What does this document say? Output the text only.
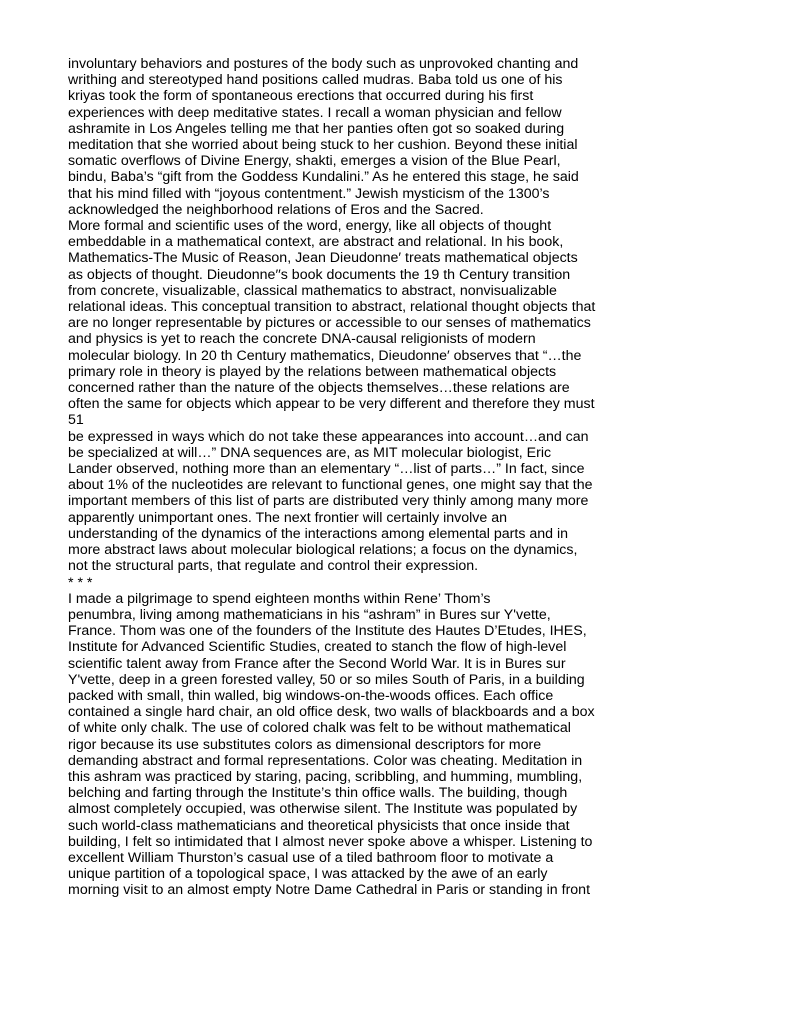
involuntary behaviors and postures of the body such as unprovoked chanting and
writhing and stereotyped hand positions called mudras. Baba told us one of his
kriyas took the form of spontaneous erections that occurred during his first
experiences with deep meditative states. I recall a woman physician and fellow
ashramite in Los Angeles telling me that her panties often got so soaked during
meditation that she worried about being stuck to her cushion. Beyond these initial
somatic overflows of Divine Energy, shakti, emerges a vision of the Blue Pearl,
bindu, Baba’s “gift from the Goddess Kundalini.” As he entered this stage, he said
that his mind filled with “joyous contentment.” Jewish mysticism of the 1300’s
acknowledged the neighborhood relations of Eros and the Sacred.
More formal and scientific uses of the word, energy, like all objects of thought
embeddable in a mathematical context, are abstract and relational. In his book,
Mathematics-The Music of Reason, Jean Dieudonne′ treats mathematical objects
as objects of thought. Dieudonne′′s book documents the 19 th Century transition
from concrete, visualizable, classical mathematics to abstract, nonvisualizable
relational ideas. This conceptual transition to abstract, relational thought objects that
are no longer representable by pictures or accessible to our senses of mathematics
and physics is yet to reach the concrete DNA-causal religionists of modern
molecular biology. In 20 th Century mathematics, Dieudonne′ observes that “…the
primary role in theory is played by the relations between mathematical objects
concerned rather than the nature of the objects themselves…these relations are
often the same for objects which appear to be very different and therefore they must
51
be expressed in ways which do not take these appearances into account…and can
be specialized at will…” DNA sequences are, as MIT molecular biologist, Eric
Lander observed, nothing more than an elementary “…list of parts…” In fact, since
about 1% of the nucleotides are relevant to functional genes, one might say that the
important members of this list of parts are distributed very thinly among many more
apparently unimportant ones. The next frontier will certainly involve an
understanding of the dynamics of the interactions among elemental parts and in
more abstract laws about molecular biological relations; a focus on the dynamics,
not the structural parts, that regulate and control their expression.
* * *
I made a pilgrimage to spend eighteen months within Rene’ Thom’s
penumbra, living among mathematicians in his “ashram” in Bures sur Y'vette,
France. Thom was one of the founders of the Institute des Hautes D’Etudes, IHES,
Institute for Advanced Scientific Studies, created to stanch the flow of high-level
scientific talent away from France after the Second World War. It is in Bures sur
Y'vette, deep in a green forested valley, 50 or so miles South of Paris, in a building
packed with small, thin walled, big windows-on-the-woods offices. Each office
contained a single hard chair, an old office desk, two walls of blackboards and a box
of white only chalk. The use of colored chalk was felt to be without mathematical
rigor because its use substitutes colors as dimensional descriptors for more
demanding abstract and formal representations. Color was cheating. Meditation in
this ashram was practiced by staring, pacing, scribbling, and humming, mumbling,
belching and farting through the Institute’s thin office walls. The building, though
almost completely occupied, was otherwise silent. The Institute was populated by
such world-class mathematicians and theoretical physicists that once inside that
building, I felt so intimidated that I almost never spoke above a whisper. Listening to
excellent William Thurston’s casual use of a tiled bathroom floor to motivate a
unique partition of a topological space, I was attacked by the awe of an early
morning visit to an almost empty Notre Dame Cathedral in Paris or standing in front
